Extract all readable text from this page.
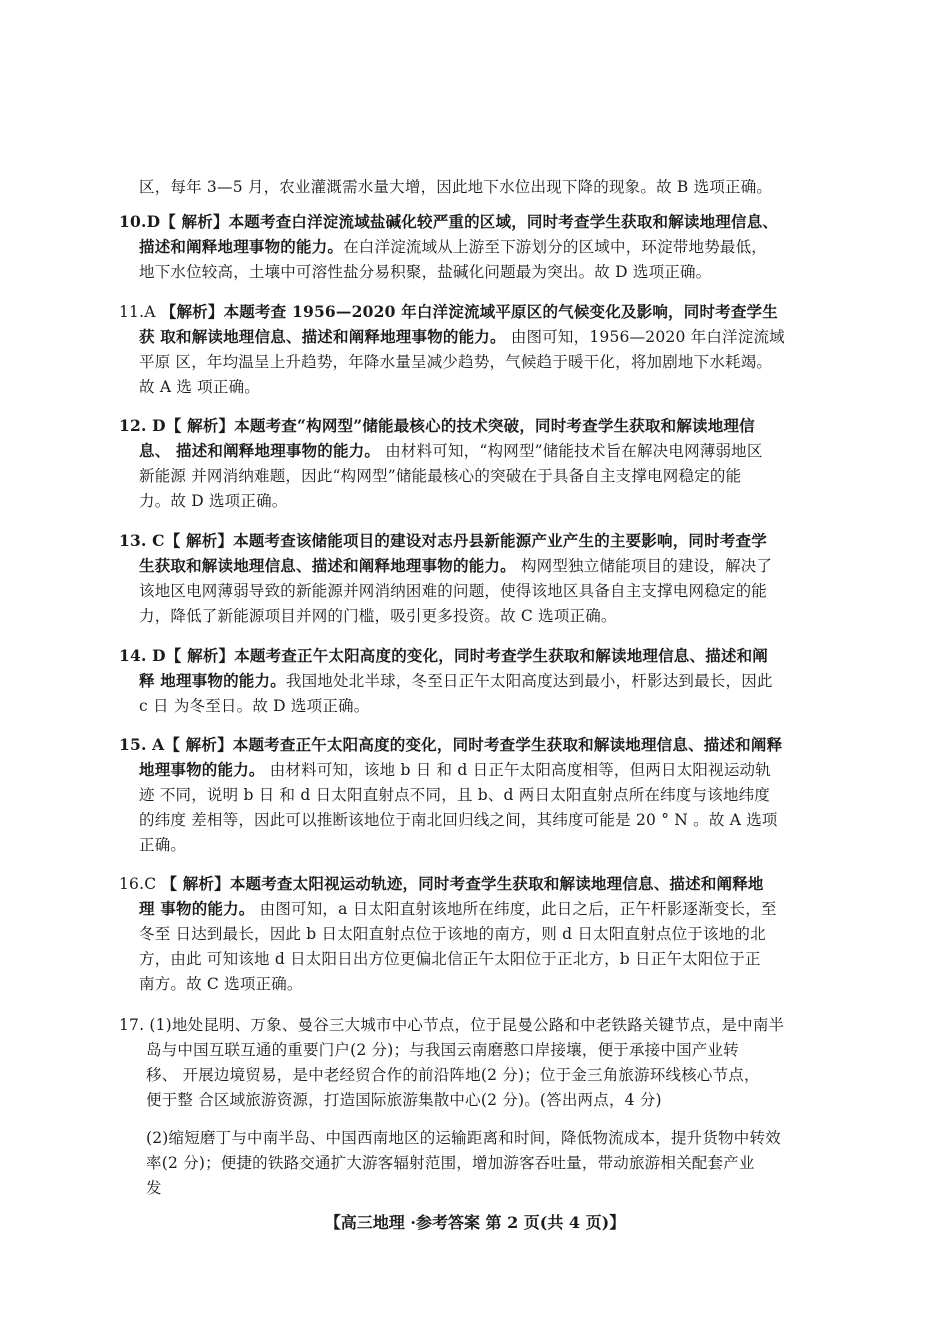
区，每年 3—5 月，农业灌溉需水量大增，因此地下水位出现下降的现象。故 B 选项正确。
10.D【 解析】本题考查白洋淀流域盐碱化较严重的区域，同时考查学生获取和解读地理信息、
描述和阐释地理事物的能力。在白洋淀流域从上游至下游划分的区域中，环淀带地势最低，
地下水位较高，土壤中可溶性盐分易积聚，盐碱化问题最为突出。故 D 选项正确。
11.A 【解析】本题考查 1956—2020 年白洋淀流域平原区的气候变化及影响，同时考查学生
获 取和解读地理信息、描述和阐释地理事物的能力。 由图可知，1956—2020 年白洋淀流域
平原 区，年均温呈上升趋势，年降水量呈减少趋势，气候趋于暖干化，将加剧地下水耗竭。
故 A 选 项正确。
12. D【 解析】本题考查“构网型”储能最核心的技术突破，同时考查学生获取和解读地理信
息、 描述和阐释地理事物的能力。 由材料可知，“构网型”储能技术旨在解决电网薄弱地区
新能源 并网消纳难题，因此“构网型”储能最核心的突破在于具备自主支撑电网稳定的能
力。故 D 选项正确。
13. C【 解析】本题考查该储能项目的建设对志丹县新能源产业产生的主要影响，同时考查学
生获取和解读地理信息、描述和阐释地理事物的能力。 构网型独立储能项目的建设，解决了
该地区电网薄弱导致的新能源并网消纳困难的问题，使得该地区具备自主支撑电网稳定的能
力，降低了新能源项目并网的门槛，吸引更多投资。故 C 选项正确。
14. D【 解析】本题考查正午太阳高度的变化，同时考查学生获取和解读地理信息、描述和阐
释 地理事物的能力。我国地处北半球，冬至日正午太阳高度达到最小，杆影达到最长，因此
c 日 为冬至日。故 D 选项正确。
15. A【 解析】本题考查正午太阳高度的变化，同时考查学生获取和解读地理信息、描述和阐释
地理事物的能力。 由材料可知，该地 b 日 和 d 日正午太阳高度相等，但两日太阳视运动轨
迹 不同，说明 b 日 和 d 日太阳直射点不同，且 b、d 两日太阳直射点所在纬度与该地纬度
的纬度 差相等，因此可以推断该地位于南北回归线之间，其纬度可能是 20 ° N 。故 A 选项
正确。
16.C 【 解析】本题考查太阳视运动轨迹，同时考查学生获取和解读地理信息、描述和阐释地
理 事物的能力。 由图可知，a 日太阳直射该地所在纬度，此日之后，正午杆影逐渐变长，至
冬至 日达到最长，因此 b 日太阳直射点位于该地的南方，则 d 日太阳直射点位于该地的北
方，由此 可知该地 d 日太阳日出方位更偏北信正午太阳位于正北方，b 日正午太阳位于正
南方。故 C 选项正确。
17. (1)地处昆明、万象、曼谷三大城市中心节点，位于昆曼公路和中老铁路关键节点，是中南半
岛与中国互联互通的重要门户(2 分)；与我国云南磨憨口岸接壤，便于承接中国产业转
移、 开展边境贸易，是中老经贸合作的前沿阵地(2 分)；位于金三角旅游环线核心节点，
便于整 合区域旅游资源，打造国际旅游集散中心(2 分)。(答出两点，4 分)
(2)缩短磨丁与中南半岛、中国西南地区的运输距离和时间，降低物流成本，提升货物中转效
率(2 分)；便捷的铁路交通扩大游客辐射范围，增加游客吞吐量，带动旅游相关配套产业
发
【高三地理 ·参考答案 第 2 页(共 4 页)】
